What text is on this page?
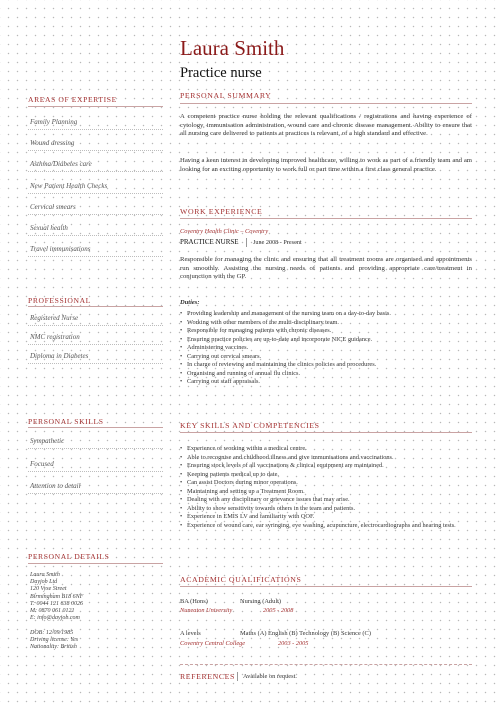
Laura Smith
Practice nurse
AREAS OF EXPERTISE
Family Planning
Wound dressing
Asthma/Diabetes care
New Patient Health Checks
Cervical smears
Sexual health
Travel immunisations
PROFESSIONAL
Registered Nurse
NMC registration
Diploma in Diabetes
PERSONAL SKILLS
Sympathetic
Focused
Attention to detail
PERSONAL DETAILS
Laura Smith
Dayjob Ltd
120 Vyse Street
Birmingham B18 6NF
T: 0044 121 638 0026
M: 0870 061 0121
E: info@dayjob.com
DOB: 12/09/1985
Driving license: Yes
Nationality: British
PERSONAL SUMMARY
A competent practice nurse holding the relevant qualifications / registrations and having experience of cytology, immunisation administration, wound care and chronic disease management. Ability to ensure that all nursing care delivered to patients at practices is relevant, of a high standard and effective.
Having a keen interest in developing improved healthcare, willing to work as part of a friendly team and am looking for an exciting opportunity to work full or part time within a first class general practice.
WORK EXPERIENCE
Coventry Health Clinic – Coventry
PRACTICE NURSE June 2008 - Present
Responsible for managing the clinic and ensuring that all treatment rooms are organised and appointments run smoothly. Assisting the nursing needs of patients and providing appropriate care/treatment in conjunction with the GP.
Duties:
• Providing leadership and management of the nursing team on a day-to-day basis.
• Working with other members of the multi-disciplinary team.
• Responsible for managing patients with chronic diseases.
• Ensuring practice policies are up-to-date and incorporate NICE guidance.
• Administering vaccines.
• Carrying out cervical smears.
• In charge of reviewing and maintaining the clinics policies and procedures.
• Organising and running of annual flu clinics.
• Carrying out staff appraisals.
KEY SKILLS AND COMPETENCIES
• Experience of working within a medical centre.
• Able to recognise and childhood illness and give immunisations and vaccinations.
• Ensuring stock levels of all vaccinations & clinical equipment are maintained.
• Keeping patients medical up to date.
• Can assist Doctors during minor operations.
• Maintaining and setting up a Treatment Room.
• Dealing with any disciplinary or grievance issues that may arise.
• Ability to show sensitivity towards others in the team and patients.
• Experience in EMIS LV and familiarity with QOF.
• Experience of wound care, ear syringing, eye washing, acupuncture, electrocardiographs and hearing tests.
ACADEMIC QUALIFICATIONS
BA (Hons)	Nursing (Adult)
Nuneaton University	2005 - 2008
A levels	Maths (A) English (B) Technology (B) Science (C)
Coventry Central College	2003 - 2005
REFERENCES Available on request.
